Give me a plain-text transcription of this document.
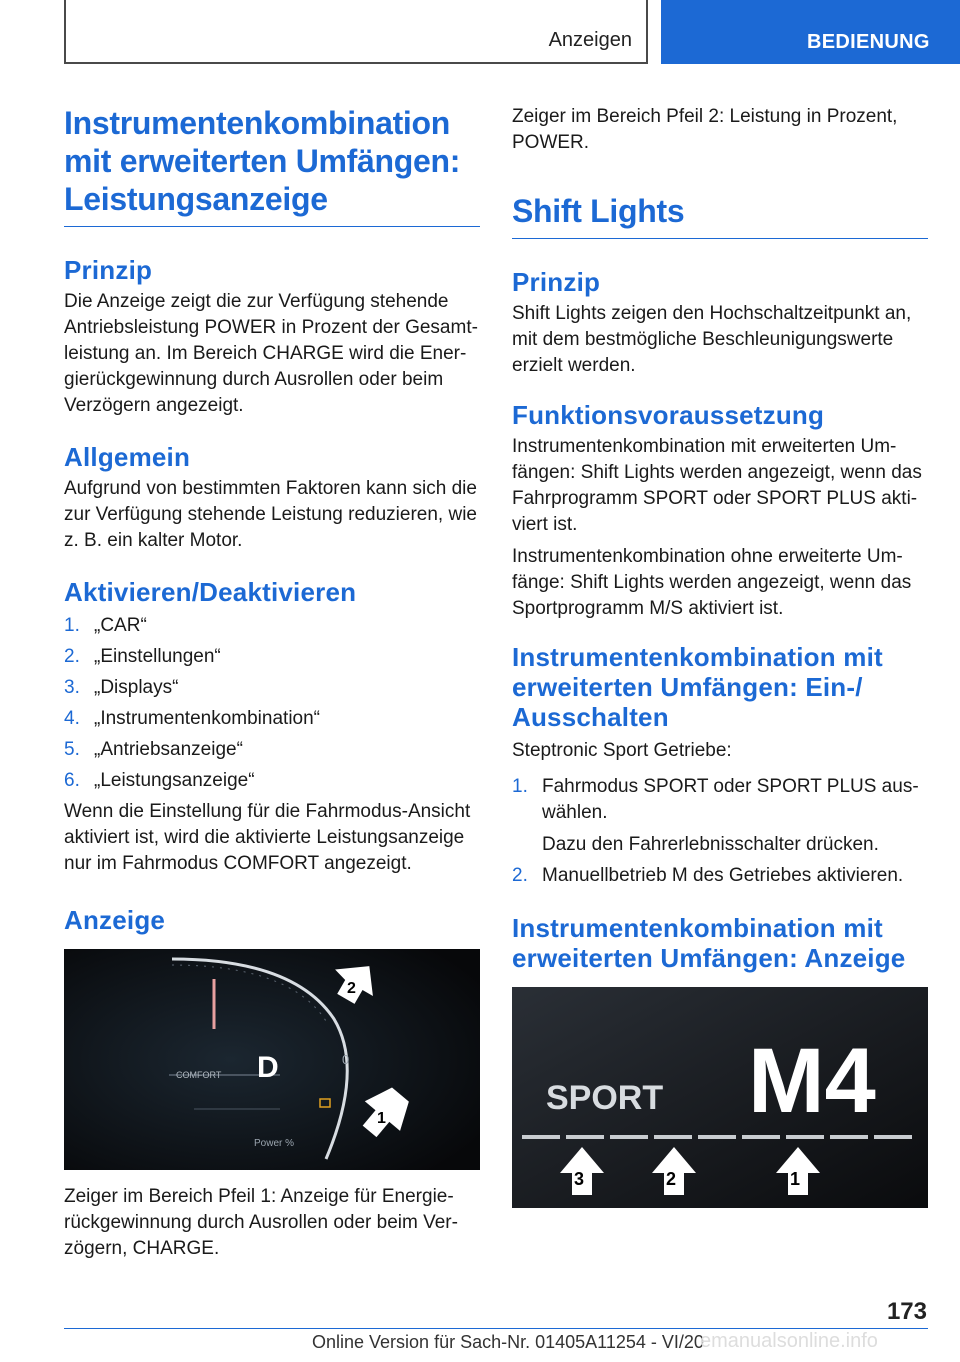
Anzeigen	BEDIENUNG
Instrumentenkombination mit erweiterten Umfängen: Leistungsanzeige
Prinzip

Die Anzeige zeigt die zur Verfügung stehende Antriebsleistung POWER in Prozent der Gesamtleistung an. Im Bereich CHARGE wird die Energierückgewinnung durch Ausrollen oder beim Verzögern angezeigt.

Allgemein

Aufgrund von bestimmten Faktoren kann sich die zur Verfügung stehende Leistung reduzieren, wie z. B. ein kalter Motor.

Aktivieren/Deaktivieren
1. „CAR“
2. „Einstellungen“
3. „Displays“
4. „Instrumentenkombination“
5. „Antriebsanzeige“
6. „Leistungsanzeige“

Wenn die Einstellung für die Fahrmodus-Ansicht aktiviert ist, wird die aktivierte Leistungsanzeige nur im Fahrmodus COMFORT angezeigt.

Anzeige
COMFORT D	0
Power %
2
1

Zeiger im Bereich Pfeil 1: Anzeige für Energierückgewinnung durch Ausrollen oder beim Verzögern, CHARGE.

Zeiger im Bereich Pfeil 2: Leistung in Prozent, POWER.

Shift Lights
Prinzip

Shift Lights zeigen den Hochschaltzeitpunkt an, mit dem bestmögliche Beschleunigungswerte erzielt werden.

Funktionsvoraussetzung

Instrumentenkombination mit erweiterten Umfängen: Shift Lights werden angezeigt, wenn das Fahrprogramm SPORT oder SPORT PLUS aktiviert ist.

Instrumentenkombination ohne erweiterte Umfänge: Shift Lights werden angezeigt, wenn das Sportprogramm M/S aktiviert ist.

Instrumentenkombination mit erweiterten Umfängen: Ein-/ Ausschalten

Steptronic Sport Getriebe:

1. Fahrmodus SPORT oder SPORT PLUS auswählen.
Dazu den Fahrerlebnisschalter drücken.
2. Manuellbetrieb M des Getriebes aktivieren.
Instrumentenkombination mit erweiterten Umfängen: Anzeige
SPORT M4
3	2	1
173
Online Version für Sach-Nr. 01405A11254 - VI/20
emanualsonline.info
